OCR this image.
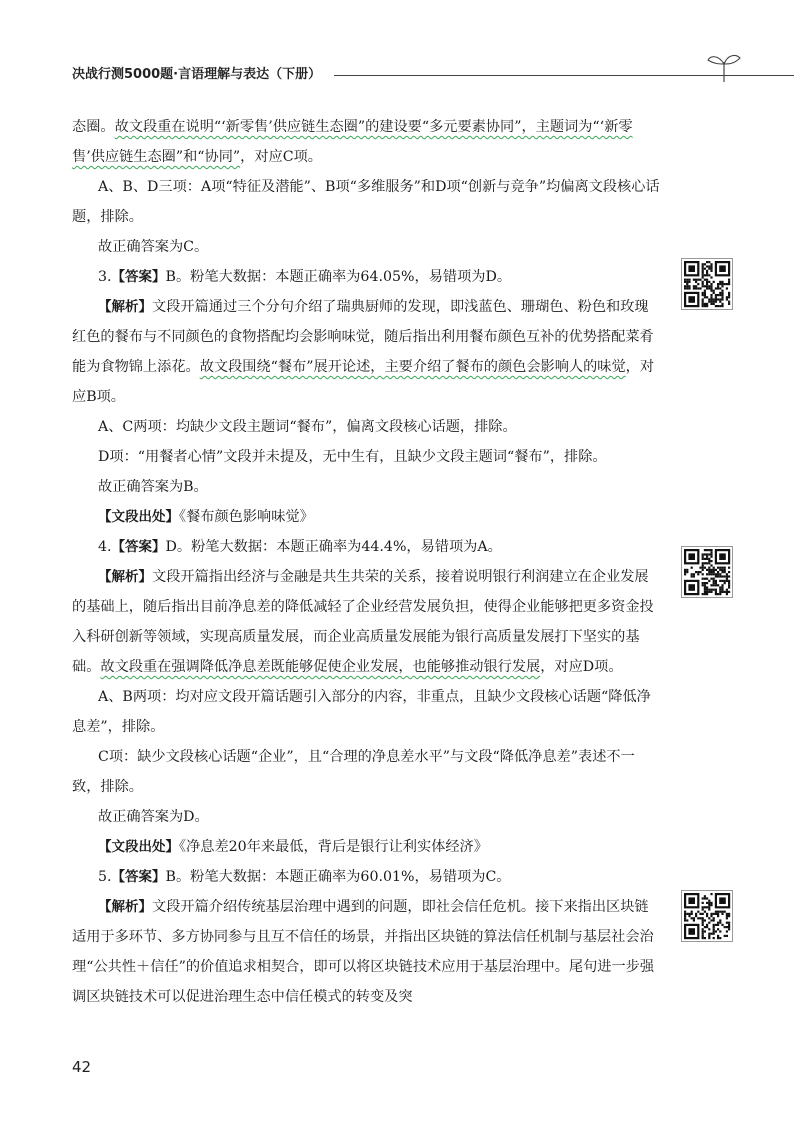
决战行测5000题·言语理解与表达（下册）

态圈。故文段重在说明“‘新零售’供应链生态圈”的建设要“多元要素协同”，主题词为“‘新零售’供应链生态圈”和“协同”，对应C项。

A、B、D三项：A项“特征及潜能”、B项“多维服务”和D项“创新与竞争”均偏离文段核心话题，排除。

故正确答案为C。

3.【答案】B。粉笔大数据：本题正确率为64.05%，易错项为D。

【解析】文段开篇通过三个分句介绍了瑞典厨师的发现，即浅蓝色、珊瑚色、粉色和玫瑰红色的餐布与不同颜色的食物搭配均会影响味觉，随后指出利用餐布颜色互补的优势搭配菜肴能为食物锦上添花。故文段围绕“餐布”展开论述，主要介绍了餐布的颜色会影响人的味觉，对应B项。

A、C两项：均缺少文段主题词“餐布”，偏离文段核心话题，排除。

D项：“用餐者心情”文段并未提及，无中生有，且缺少文段主题词“餐布”，排除。

故正确答案为B。

【文段出处】《餐布颜色影响味觉》

4.【答案】D。粉笔大数据：本题正确率为44.4%，易错项为A。

【解析】文段开篇指出经济与金融是共生共荣的关系，接着说明银行利润建立在企业发展的基础上，随后指出目前净息差的降低减轻了企业经营发展负担，使得企业能够把更多资金投入科研创新等领域，实现高质量发展，而企业高质量发展能为银行高质量发展打下坚实的基础。故文段重在强调降低净息差既能够促使企业发展，也能够推动银行发展，对应D项。

A、B两项：均对应文段开篇话题引入部分的内容，非重点，且缺少文段核心话题“降低净息差”，排除。

C项：缺少文段核心话题“企业”，且“合理的净息差水平”与文段“降低净息差”表述不一致，排除。

故正确答案为D。

【文段出处】《净息差20年来最低，背后是银行让利实体经济》

5.【答案】B。粉笔大数据：本题正确率为60.01%，易错项为C。

【解析】文段开篇介绍传统基层治理中遇到的问题，即社会信任危机。接下来指出区块链适用于多环节、多方协同参与且互不信任的场景，并指出区块链的算法信任机制与基层社会治理“公共性＋信任”的价值追求相契合，即可以将区块链技术应用于基层治理中。尾句进一步强调区块链技术可以促进治理生态中信任模式的转变及突

42
